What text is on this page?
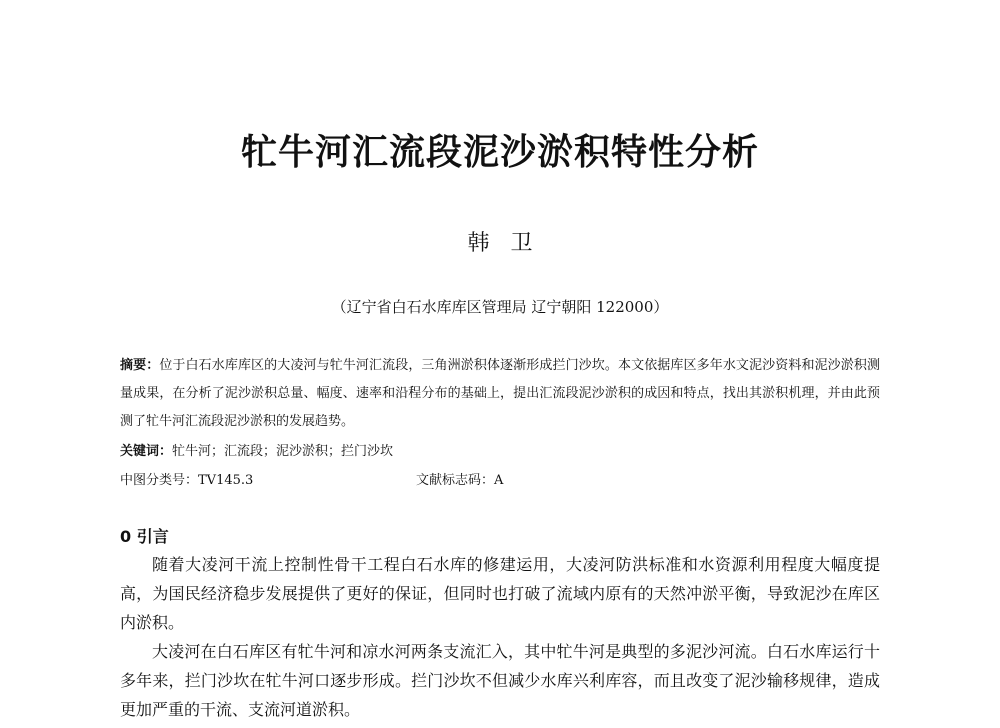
牤牛河汇流段泥沙淤积特性分析
韩 卫
（辽宁省白石水库库区管理局 辽宁朝阳 122000）
摘要：位于白石水库库区的大凌河与牤牛河汇流段，三角洲淤积体逐渐形成拦门沙坎。本文依据库区多年水文泥沙资料和泥沙淤积测量成果，在分析了泥沙淤积总量、幅度、速率和沿程分布的基础上，提出汇流段泥沙淤积的成因和特点，找出其淤积机理，并由此预测了牤牛河汇流段泥沙淤积的发展趋势。
关键词：牤牛河；汇流段；泥沙淤积；拦门沙坎
中图分类号：TV145.3	文献标志码：A
0 引言

随着大凌河干流上控制性骨干工程白石水库的修建运用，大凌河防洪标准和水资源利用程度大幅度提高，为国民经济稳步发展提供了更好的保证，但同时也打破了流域内原有的天然冲淤平衡，导致泥沙在库区内淤积。

大凌河在白石库区有牤牛河和凉水河两条支流汇入，其中牤牛河是典型的多泥沙河流。白石水库运行十多年来，拦门沙坎在牤牛河口逐步形成。拦门沙坎不但减少水库兴利库容，而且改变了泥沙输移规律，造成更加严重的干流、支流河道淤积。
